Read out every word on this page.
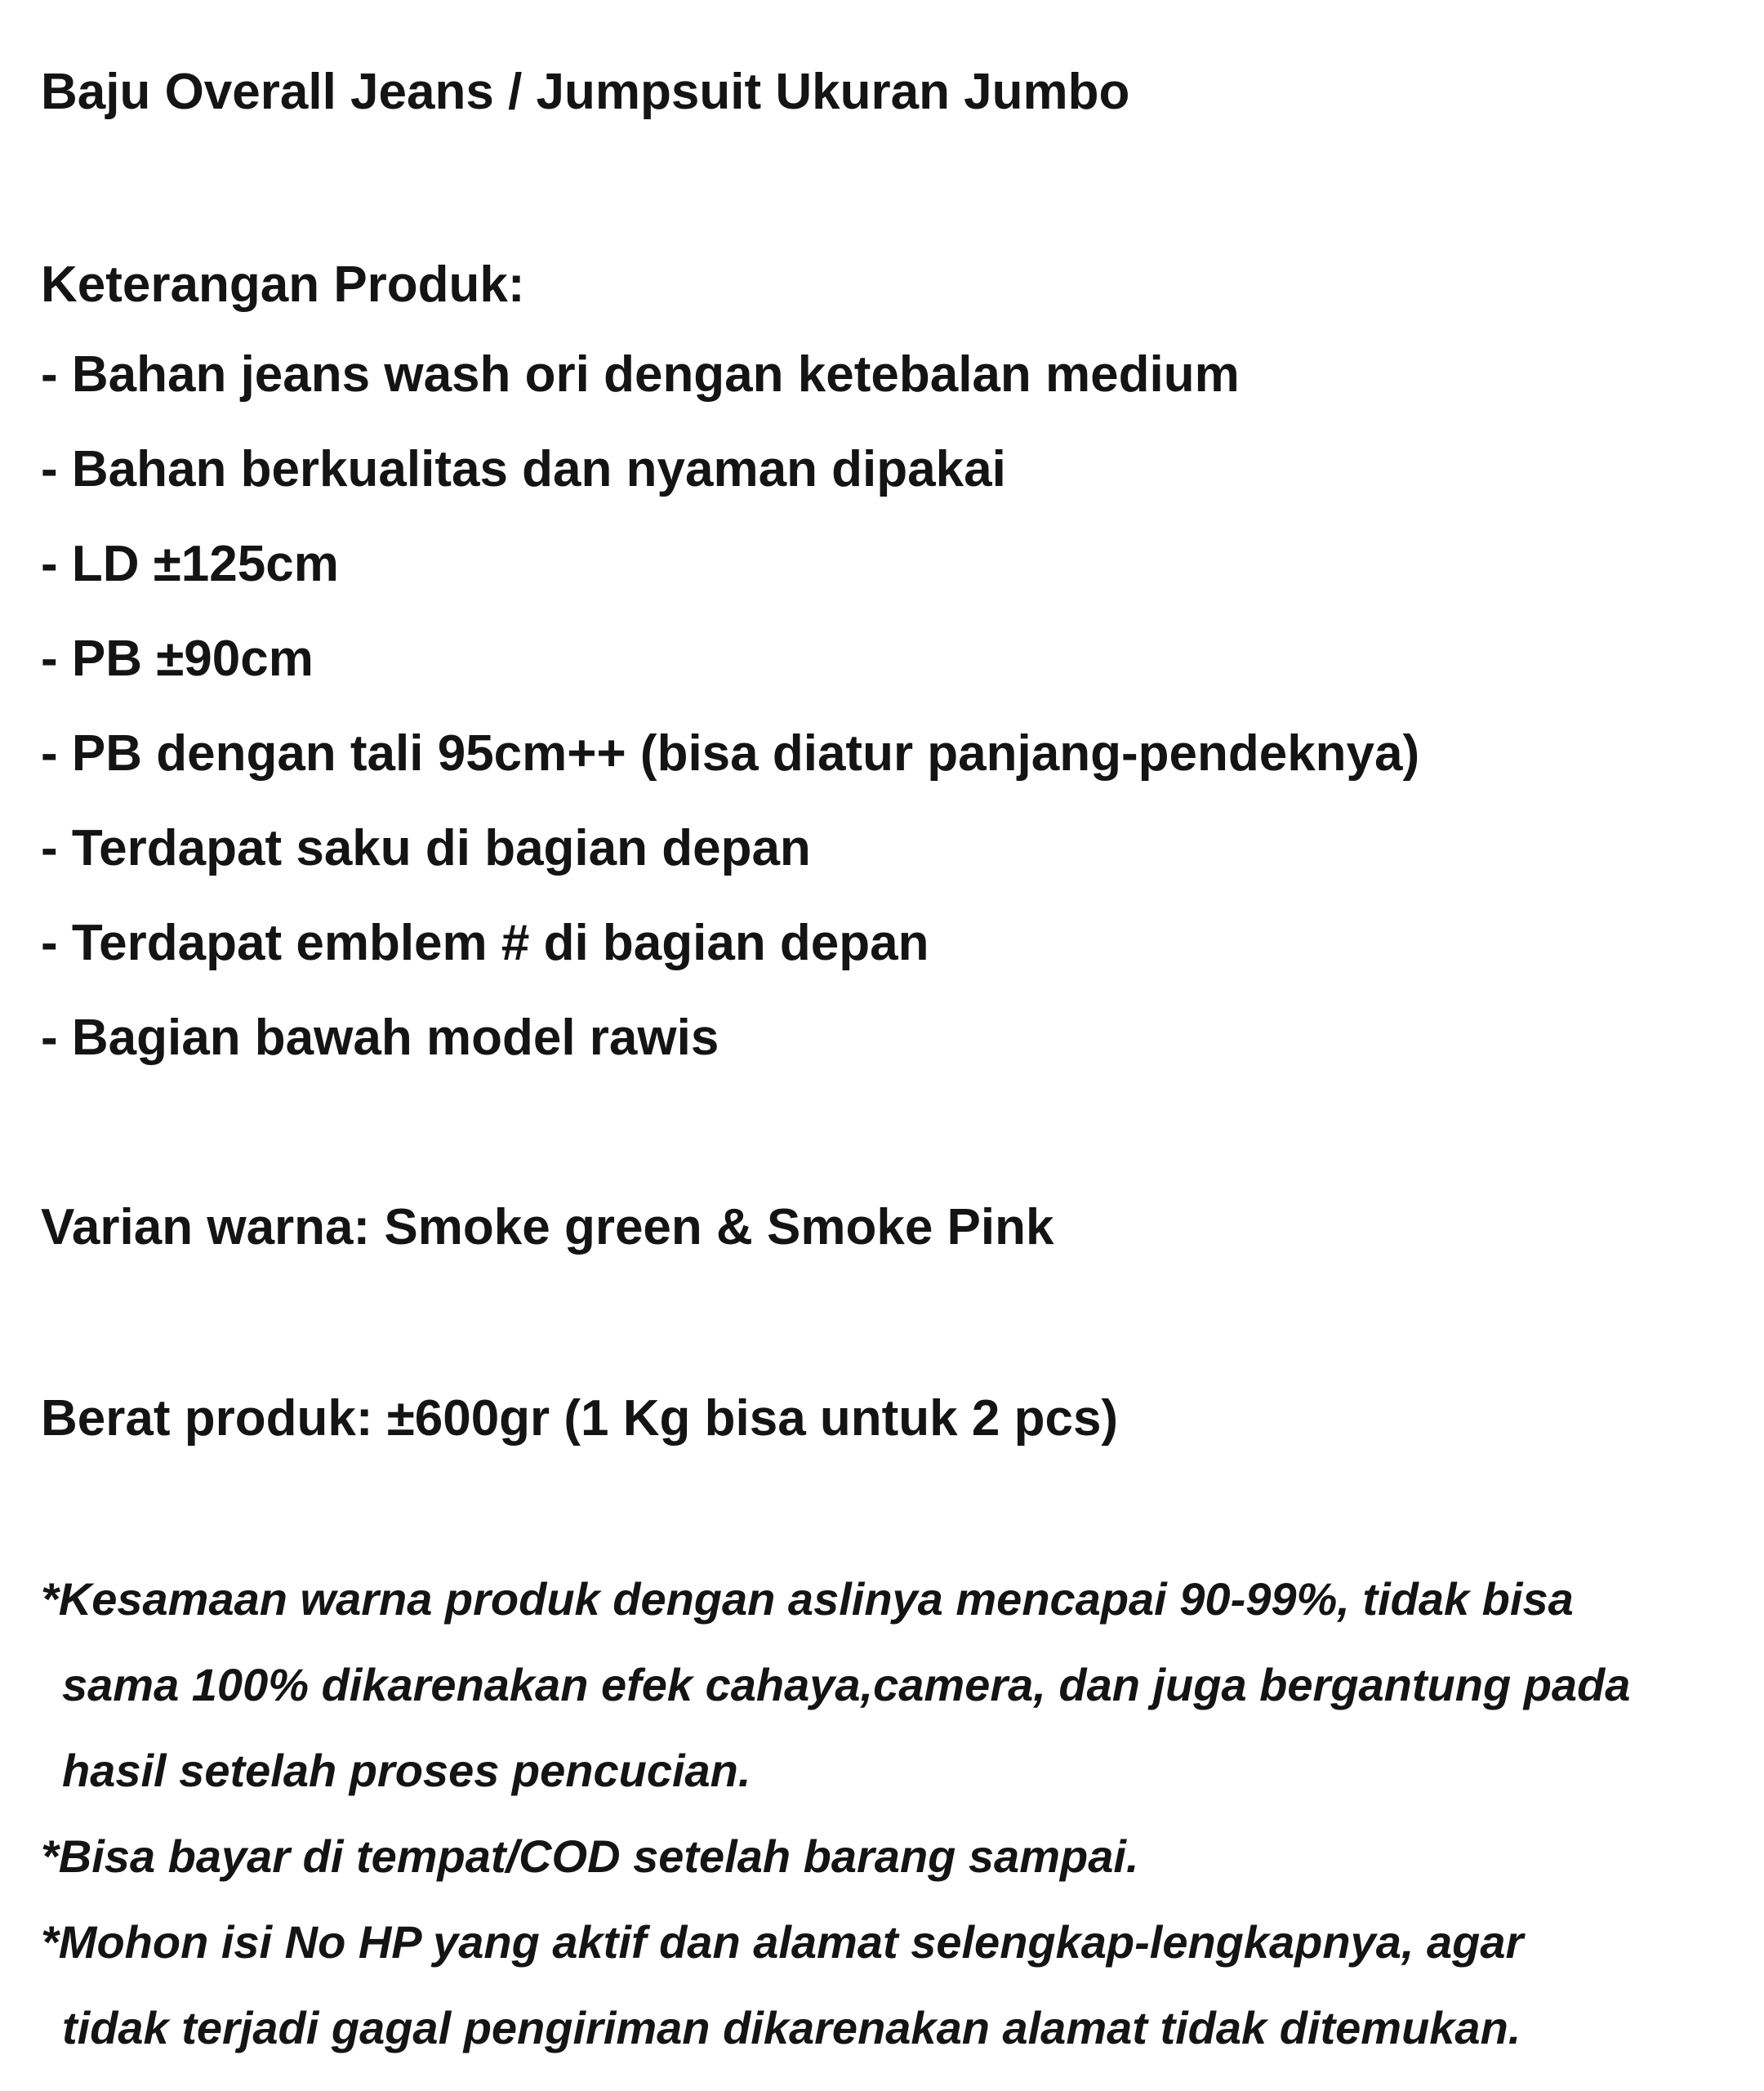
Baju Overall Jeans / Jumpsuit Ukuran Jumbo
Keterangan Produk:
- Bahan jeans wash ori dengan ketebalan medium
- Bahan berkualitas dan nyaman dipakai
- LD ±125cm
- PB ±90cm
- PB dengan tali 95cm++ (bisa diatur panjang-pendeknya)
- Terdapat saku di bagian depan
- Terdapat emblem # di bagian depan
- Bagian bawah model rawis
Varian warna: Smoke green & Smoke Pink
Berat produk: ±600gr (1 Kg bisa untuk 2 pcs)
*Kesamaan warna produk dengan aslinya mencapai 90-99%, tidak bisa
sama 100% dikarenakan efek cahaya,camera, dan juga bergantung pada
hasil setelah proses pencucian.
*Bisa bayar di tempat/COD setelah barang sampai.
*Mohon isi No HP yang aktif dan alamat selengkap-lengkapnya, agar
tidak terjadi gagal pengiriman dikarenakan alamat tidak ditemukan.
